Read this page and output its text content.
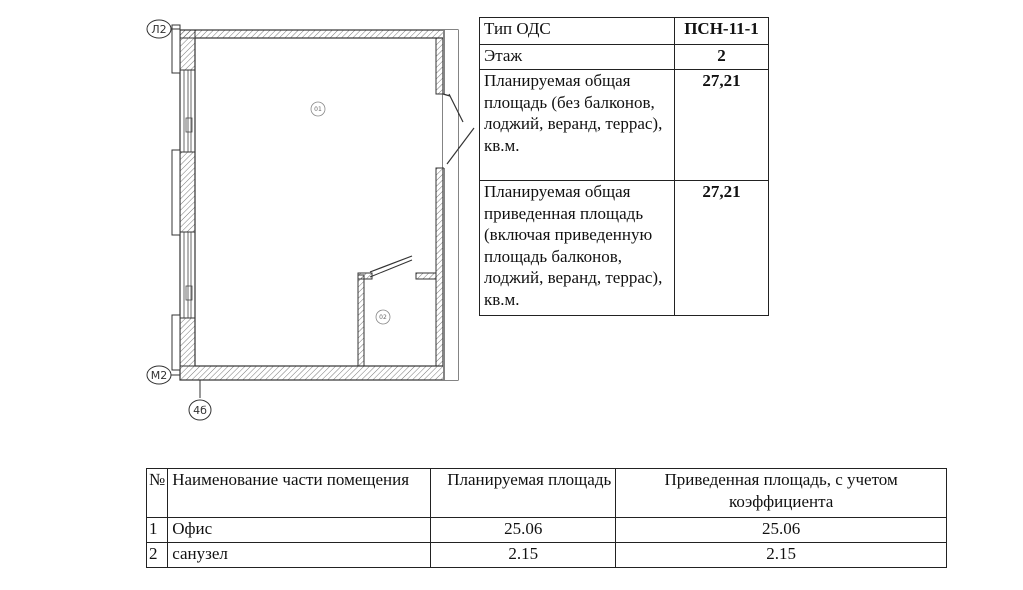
01
02
Л2
М2
4б
Тип ОДС	ПСН-11-1
Этаж	2
Планируемая общая площадь (без балконов, лоджий, веранд, террас), кв.м.	27,21
Планируемая общая приведенная площадь (включая приведенную площадь балконов, лоджий, веранд, террас), кв.м.	27,21
№	Наименование части помещения	Планируемая площадь	Приведенная площадь, с учетом коэффициента
1	Офис	25.06	25.06
2	санузел	2.15	2.15
